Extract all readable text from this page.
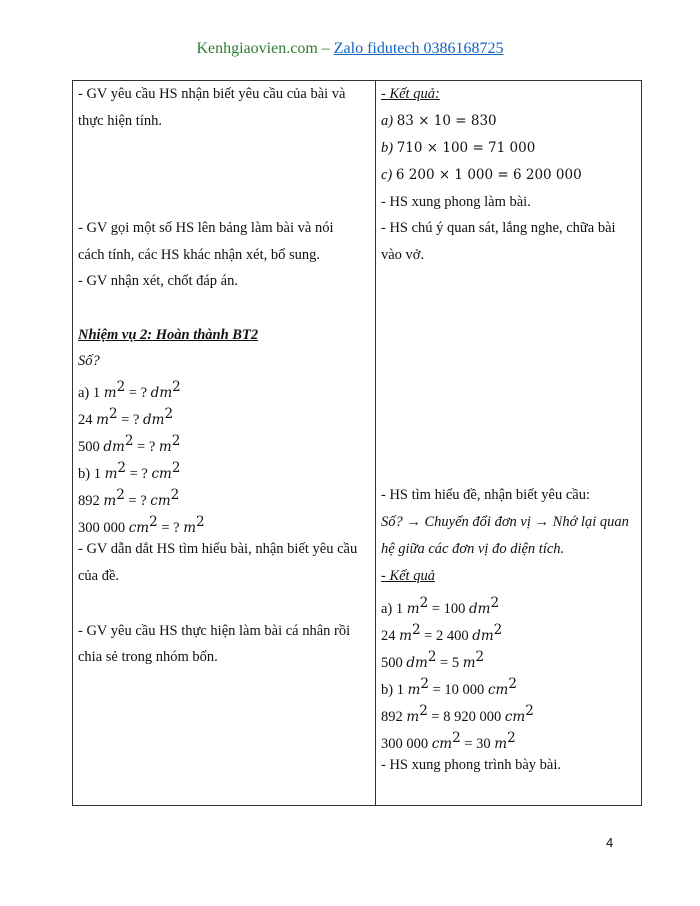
Kenhgiaovien.com – Zalo fidutech 0386168725
- GV yêu cầu HS nhận biết yêu cầu của bài và
thực hiện tính.
- GV gọi một số HS lên bảng làm bài và nói
cách tính, các HS khác nhận xét, bổ sung.
- GV nhận xét, chốt đáp án.
Nhiệm vụ 2: Hoàn thành BT2
Số?
a) 1 $m^2$ = ? $dm^2$
24 $m^2$ = ? $dm^2$
500 $dm^2$ = ? $m^2$
b) 1 $m^2$ = ? $cm^2$
892 $m^2$ = ? $cm^2$
300 000 $cm^2$ = ? $m^2$
- GV dẫn dắt HS tìm hiểu bài, nhận biết yêu cầu
của đề.
- GV yêu cầu HS thực hiện làm bài cá nhân rồi
chia sẻ trong nhóm bốn.
- Kết quả:
a) 83 × 10 = 830
b) 710 × 100 = 71 000
c) 6 200 × 1 000 = 6 200 000
- HS xung phong làm bài.
- HS chú ý quan sát, lắng nghe, chữa bài
vào vở.
- HS tìm hiểu đề, nhận biết yêu cầu:
Số? → Chuyển đổi đơn vị → Nhớ lại quan
hệ giữa các đơn vị đo diện tích.
- Kết quả
a) 1 $m^2 = 100$ $dm^2$
24 $m^2 = 2$ 400 $dm^2$
500 $dm^2 = 5$ $m^2$
b) 1 $m^2 = 10$ 000 $cm^2$
892 $m^2 = 8$ 920 000 $cm^2$
300 000 $cm^2 = 30$ $m^2$
- HS xung phong trình bày bài.
4
